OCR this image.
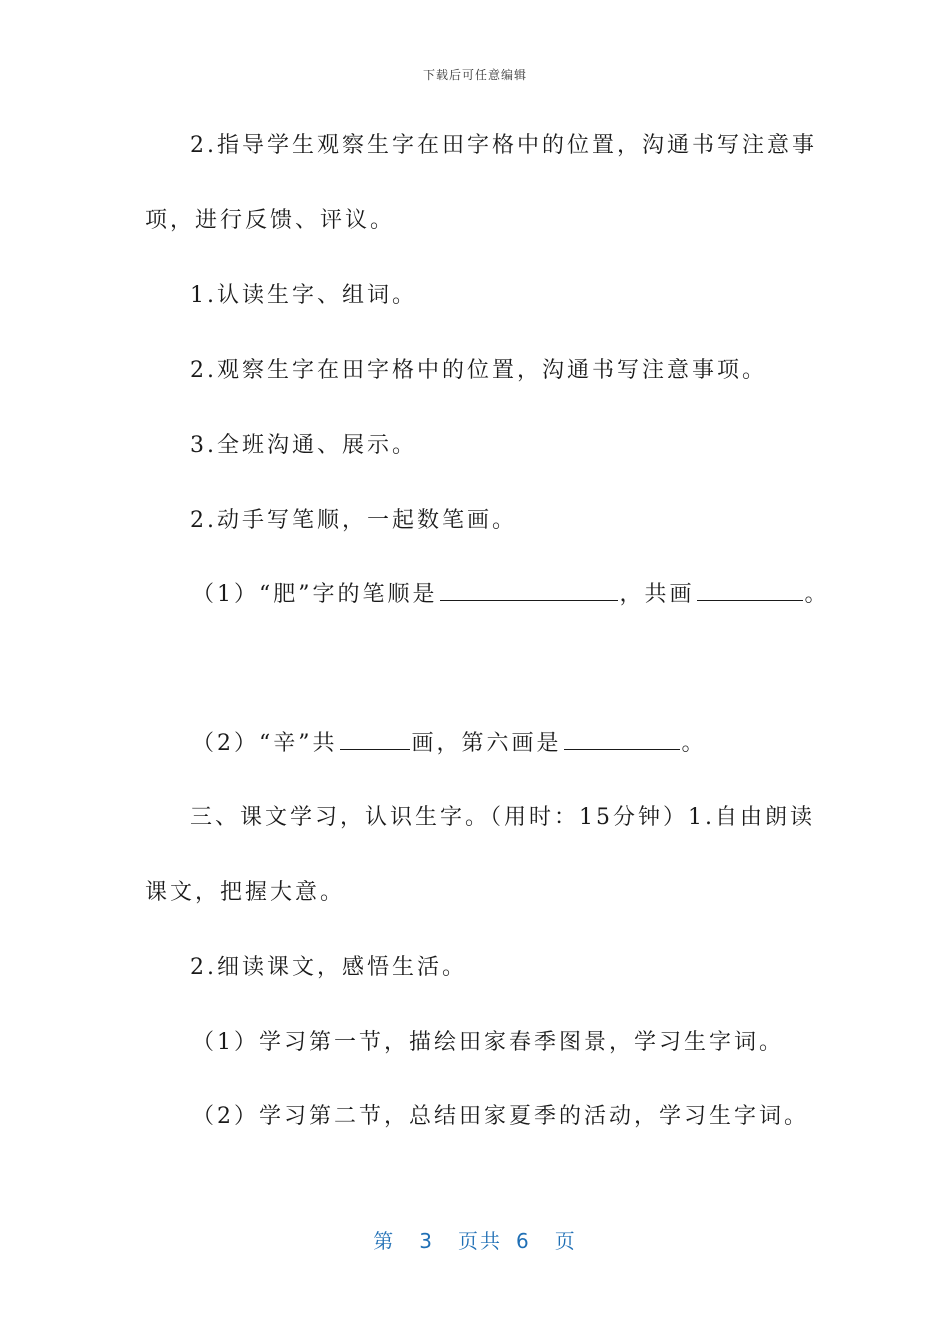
下载后可任意编辑
2.指导学生观察生字在田字格中的位置，沟通书写注意事
项，进行反馈、评议。
1.认读生字、组词。
2.观察生字在田字格中的位置，沟通书写注意事项。
3.全班沟通、展示。
2.动手写笔顺，一起数笔画。
（1）“肥”字的笔顺是	，共画	。
（2）“辛”共	画，第六画是	。
三、课文学习，认识生字。（用时：15分钟）1.自由朗读
课文，把握大意。
2.细读课文，感悟生活。
（1）学习第一节，描绘田家春季图景，学习生字词。
（2）学习第二节，总结田家夏季的活动，学习生字词。
第 3 页共 6 页
